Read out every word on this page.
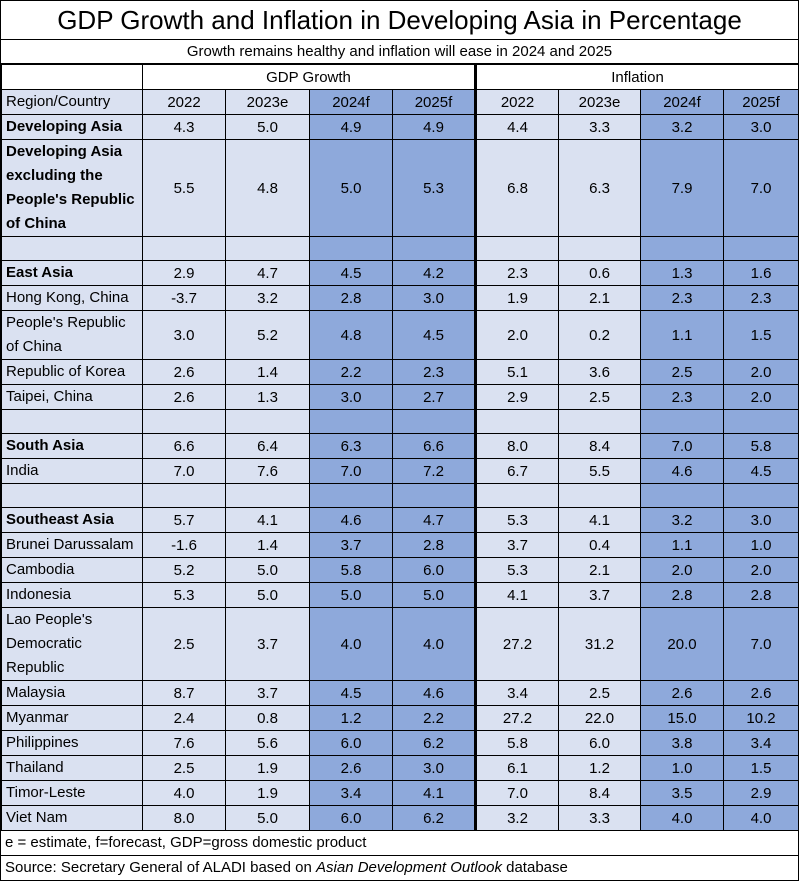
GDP Growth and Inflation in Developing Asia in Percentage
Growth remains healthy and inflation will ease in 2024 and 2025
	GDP Growth				Inflation			
Region/Country	2022	2023e	2024f	2025f	2022	2023e	2024f	2025f
Developing Asia	4.3	5.0	4.9	4.9	4.4	3.3	3.2	3.0
Developing Asia excluding the People's Republic of China	5.5	4.8	5.0	5.3	6.8	6.3	7.9	7.0

East Asia	2.9	4.7	4.5	4.2	2.3	0.6	1.3	1.6
Hong Kong, China	-3.7	3.2	2.8	3.0	1.9	2.1	2.3	2.3
People's Republic of China	3.0	5.2	4.8	4.5	2.0	0.2	1.1	1.5
Republic of Korea	2.6	1.4	2.2	2.3	5.1	3.6	2.5	2.0
Taipei, China	2.6	1.3	3.0	2.7	2.9	2.5	2.3	2.0

South Asia	6.6	6.4	6.3	6.6	8.0	8.4	7.0	5.8
India	7.0	7.6	7.0	7.2	6.7	5.5	4.6	4.5

Southeast Asia	5.7	4.1	4.6	4.7	5.3	4.1	3.2	3.0
Brunei Darussalam	-1.6	1.4	3.7	2.8	3.7	0.4	1.1	1.0
Cambodia	5.2	5.0	5.8	6.0	5.3	2.1	2.0	2.0
Indonesia	5.3	5.0	5.0	5.0	4.1	3.7	2.8	2.8
Lao People's Democratic Republic	2.5	3.7	4.0	4.0	27.2	31.2	20.0	7.0
Malaysia	8.7	3.7	4.5	4.6	3.4	2.5	2.6	2.6
Myanmar	2.4	0.8	1.2	2.2	27.2	22.0	15.0	10.2
Philippines	7.6	5.6	6.0	6.2	5.8	6.0	3.8	3.4
Thailand	2.5	1.9	2.6	3.0	6.1	1.2	1.0	1.5
Timor-Leste	4.0	1.9	3.4	4.1	7.0	8.4	3.5	2.9
Viet Nam	8.0	5.0	6.0	6.2	3.2	3.3	4.0	4.0
e = estimate, f=forecast, GDP=gross domestic product
Source: Secretary General of ALADI based on Asian Development Outlook database
